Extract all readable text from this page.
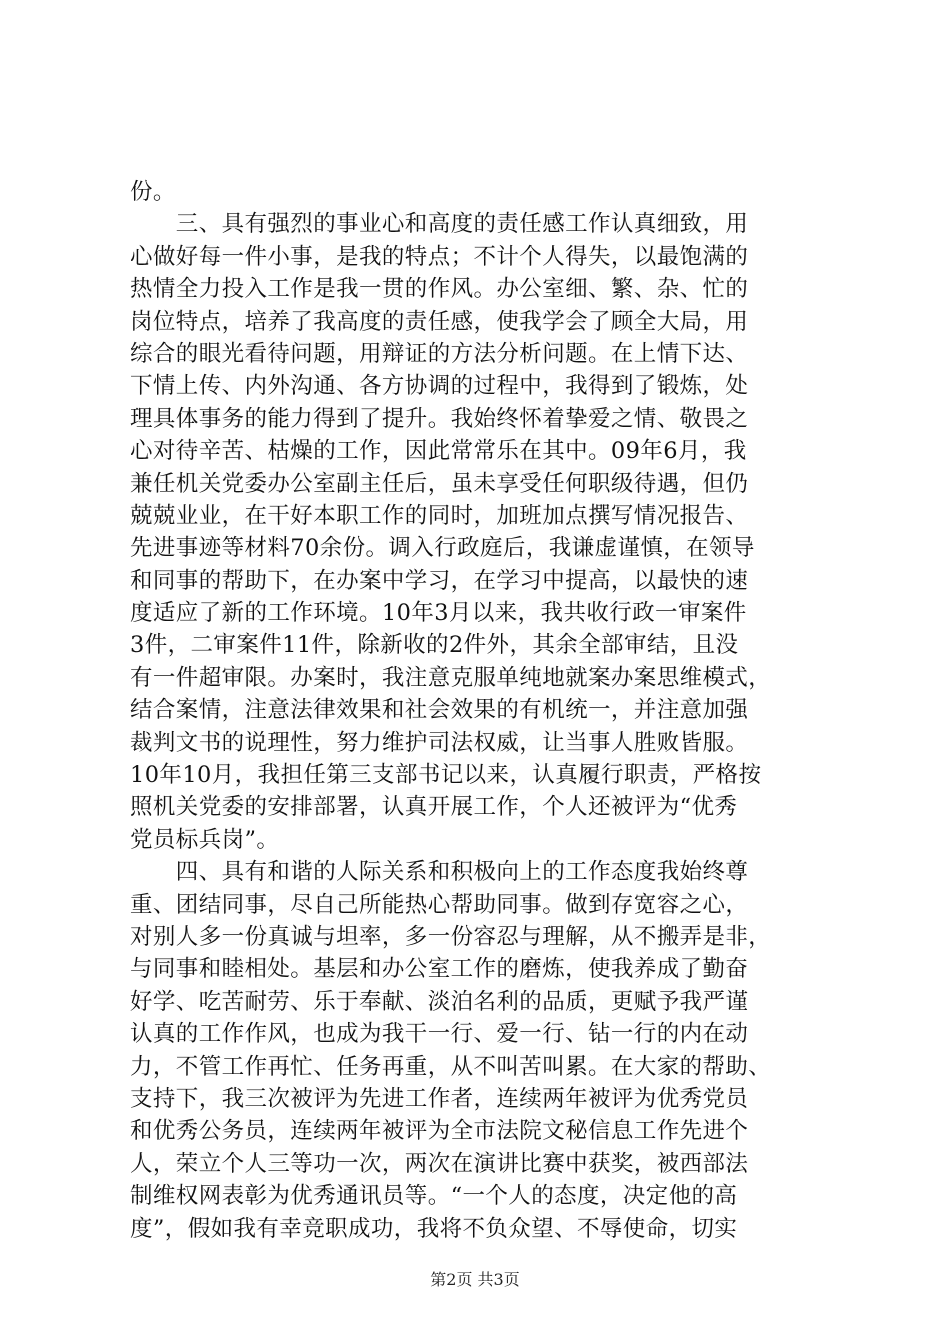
份。
　　三、具有强烈的事业心和高度的责任感工作认真细致，用
心做好每一件小事，是我的特点；不计个人得失，以最饱满的
热情全力投入工作是我一贯的作风。办公室细、繁、杂、忙的
岗位特点，培养了我高度的责任感，使我学会了顾全大局，用
综合的眼光看待问题，用辩证的方法分析问题。在上情下达、
下情上传、内外沟通、各方协调的过程中，我得到了锻炼，处
理具体事务的能力得到了提升。我始终怀着挚爱之情、敬畏之
心对待辛苦、枯燥的工作，因此常常乐在其中。09年6月，我
兼任机关党委办公室副主任后，虽未享受任何职级待遇，但仍
兢兢业业，在干好本职工作的同时，加班加点撰写情况报告、
先进事迹等材料70余份。调入行政庭后，我谦虚谨慎，在领导
和同事的帮助下，在办案中学习，在学习中提高，以最快的速
度适应了新的工作环境。10年3月以来，我共收行政一审案件
3件，二审案件11件，除新收的2件外，其余全部审结，且没
有一件超审限。办案时，我注意克服单纯地就案办案思维模式，
结合案情，注意法律效果和社会效果的有机统一，并注意加强
裁判文书的说理性，努力维护司法权威，让当事人胜败皆服。
10年10月，我担任第三支部书记以来，认真履行职责，严格按
照机关党委的安排部署，认真开展工作，个人还被评为“优秀
党员标兵岗”。
　　四、具有和谐的人际关系和积极向上的工作态度我始终尊
重、团结同事，尽自己所能热心帮助同事。做到存宽容之心，
对别人多一份真诚与坦率，多一份容忍与理解，从不搬弄是非，
与同事和睦相处。基层和办公室工作的磨炼，使我养成了勤奋
好学、吃苦耐劳、乐于奉献、淡泊名利的品质，更赋予我严谨
认真的工作作风，也成为我干一行、爱一行、钻一行的内在动
力，不管工作再忙、任务再重，从不叫苦叫累。在大家的帮助、
支持下，我三次被评为先进工作者，连续两年被评为优秀党员
和优秀公务员，连续两年被评为全市法院文秘信息工作先进个
人，荣立个人三等功一次，两次在演讲比赛中获奖，被西部法
制维权网表彰为优秀通讯员等。“一个人的态度，决定他的高
度”，假如我有幸竞职成功，我将不负众望、不辱使命，切实
第2页 共3页
